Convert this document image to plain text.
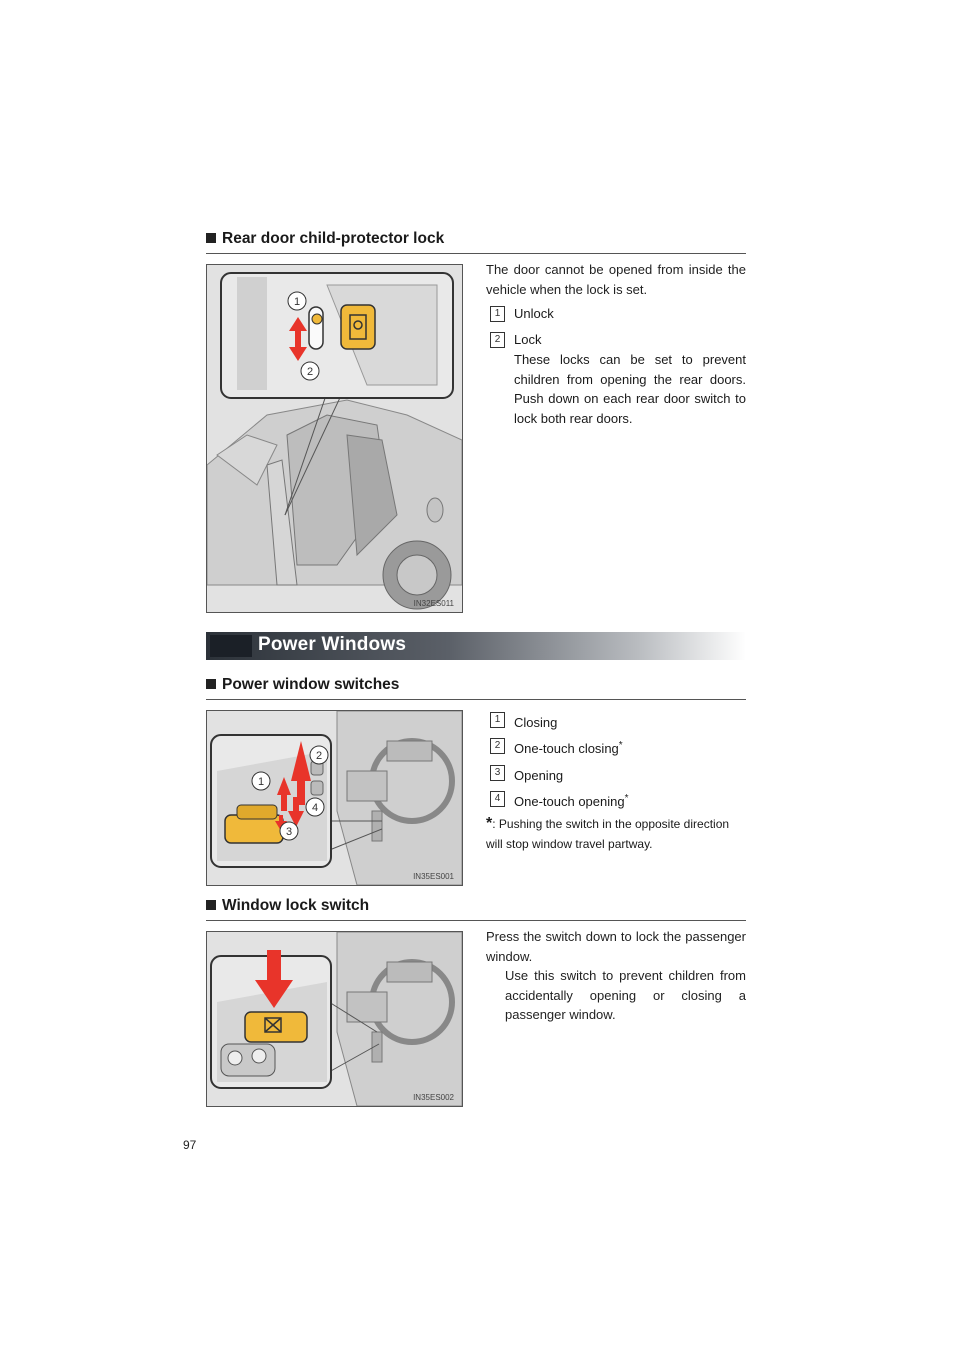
Rear door child-protector lock
1
2
IN32ES011
The door cannot be opened from inside the vehicle when the lock is set.
1	Unlock
2	Lock
These locks can be set to prevent children from opening the rear doors. Push down on each rear door switch to lock both rear doors.
Power Windows
Power window switches
1
2
3
4
IN35ES001
1	Closing
2	One-touch closing*
3	Opening
4	One-touch opening*
*: Pushing the switch in the opposite direction will stop window travel partway.
Window lock switch
IN35ES002
Press the switch down to lock the passenger window.
Use this switch to prevent children from accidentally opening or closing a passenger window.
97
